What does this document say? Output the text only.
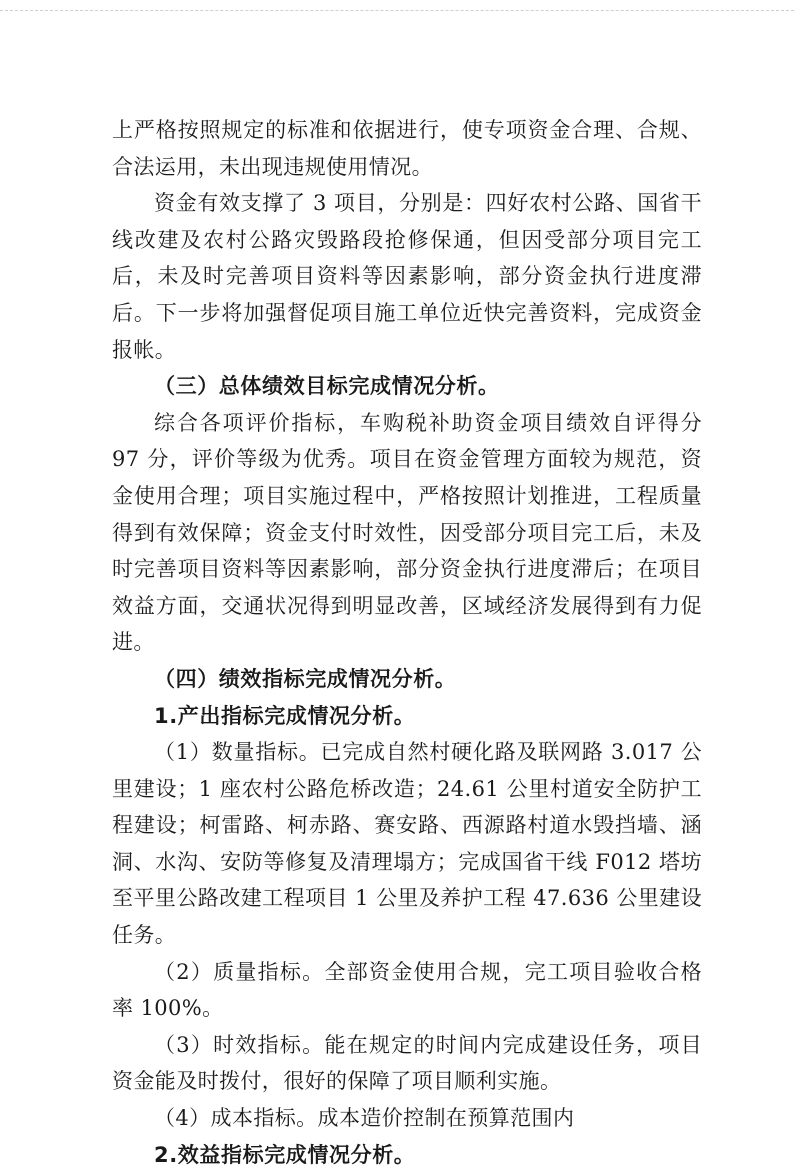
上严格按照规定的标准和依据进行，使专项资金合理、合规、合法运用，未出现违规使用情况。

资金有效支撑了 3 项目，分别是：四好农村公路、国省干线改建及农村公路灾毁路段抢修保通，但因受部分项目完工后，未及时完善项目资料等因素影响，部分资金执行进度滞后。下一步将加强督促项目施工单位近快完善资料，完成资金报帐。

（三）总体绩效目标完成情况分析。

综合各项评价指标，车购税补助资金项目绩效自评得分 97 分，评价等级为优秀。项目在资金管理方面较为规范，资金使用合理；项目实施过程中，严格按照计划推进，工程质量得到有效保障；资金支付时效性，因受部分项目完工后，未及时完善项目资料等因素影响，部分资金执行进度滞后；在项目效益方面，交通状况得到明显改善，区域经济发展得到有力促进。

（四）绩效指标完成情况分析。

1.产出指标完成情况分析。

（1）数量指标。已完成自然村硬化路及联网路 3.017 公里建设；1 座农村公路危桥改造；24.61 公里村道安全防护工程建设；柯雷路、柯赤路、赛安路、西源路村道水毁挡墙、涵洞、水沟、安防等修复及清理塌方；完成国省干线 F012 塔坊至平里公路改建工程项目 1 公里及养护工程 47.636 公里建设任务。

（2）质量指标。全部资金使用合规，完工项目验收合格率 100%。

（3）时效指标。能在规定的时间内完成建设任务，项目资金能及时拨付，很好的保障了项目顺利实施。

（4）成本指标。成本造价控制在预算范围内

2.效益指标完成情况分析。
